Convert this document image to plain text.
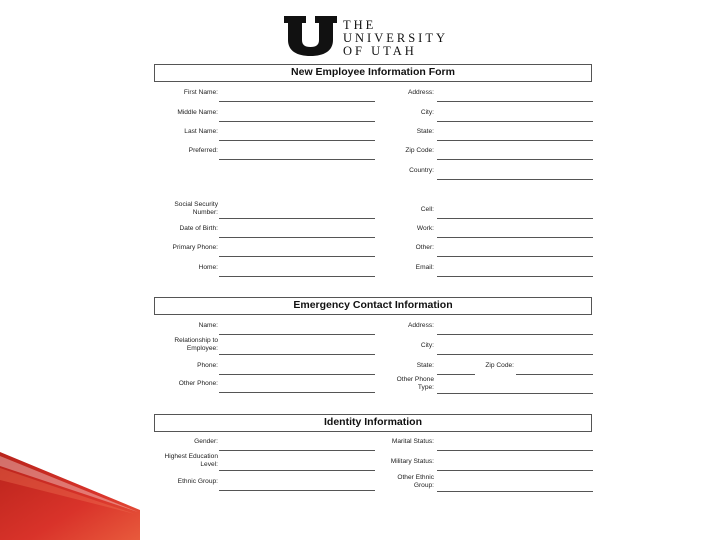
THE
UNIVERSITY
OF UTAH
New Employee Information Form
Emergency Contact Information
Identity Information
First Name:
Middle Name:
Last Name:
Preferred:
Social Security
Number:
Date of Birth:
Primary Phone:
Home:
Address:
City:
State:
Zip Code:
Country:
Cell:
Work:
Other:
Email:
Name:
Relationship to
Employee:
Phone:
Other Phone:
Address:
City:
State:	Zip Code:
Other Phone
Type:
Gender:
Highest Education
Level:
Ethnic Group:
Marital Status:
Military Status:
Other Ethnic
Group:
